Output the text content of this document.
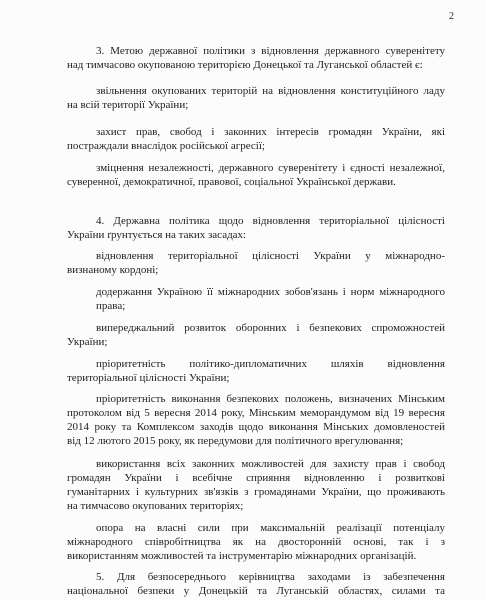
2

3. Метою державної політики з відновлення державного суверенітету
над тимчасово окупованою територією Донецької та Луганської областей є:

звільнення окупованих територій на відновлення конституційного ладу
на всій території України;

захист прав, свобод і законних інтересів громадян України, які
постраждали внаслідок російської агресії;

зміцнення незалежності, державного суверенітету і єдності незалежної,
суверенної, демократичної, правової, соціальної Української держави.

4. Державна політика щодо відновлення територіальної цілісності
України ґрунтується на таких засадах:

відновлення територіальної цілісності України у міжнародно-
визнаному кордоні;

додержання Україною її міжнародних зобов'язань і норм міжнародного
права;

випереджальний розвиток оборонних і безпекових спроможностей
України;

пріоритетність політико-дипломатичних шляхів відновлення
територіальної цілісності України;

пріоритетність виконання безпекових положень, визначених Мінським
протоколом від 5 вересня 2014 року, Мінським меморандумом від 19 вересня
2014 року та Комплексом заходів щодо виконання Мінських домовленостей
від 12 лютого 2015 року, як передумови для політичного врегулювання;

використання всіх законних можливостей для захисту прав і свобод
громадян України і всебічне сприяння відновленню і розвиткові
гуманітарних і культурних зв'язків з громадянами України, що проживають
на тимчасово окупованих територіях;

опора на власні сили при максимальній реалізації потенціалу
міжнародного співробітництва як на двосторонній основі, так і з
використанням можливостей та інструментарію міжнародних організацій.

5. Для безпосереднього керівництва заходами із забезпечення
національної безпеки у Донецькій та Луганській областях, силами та
